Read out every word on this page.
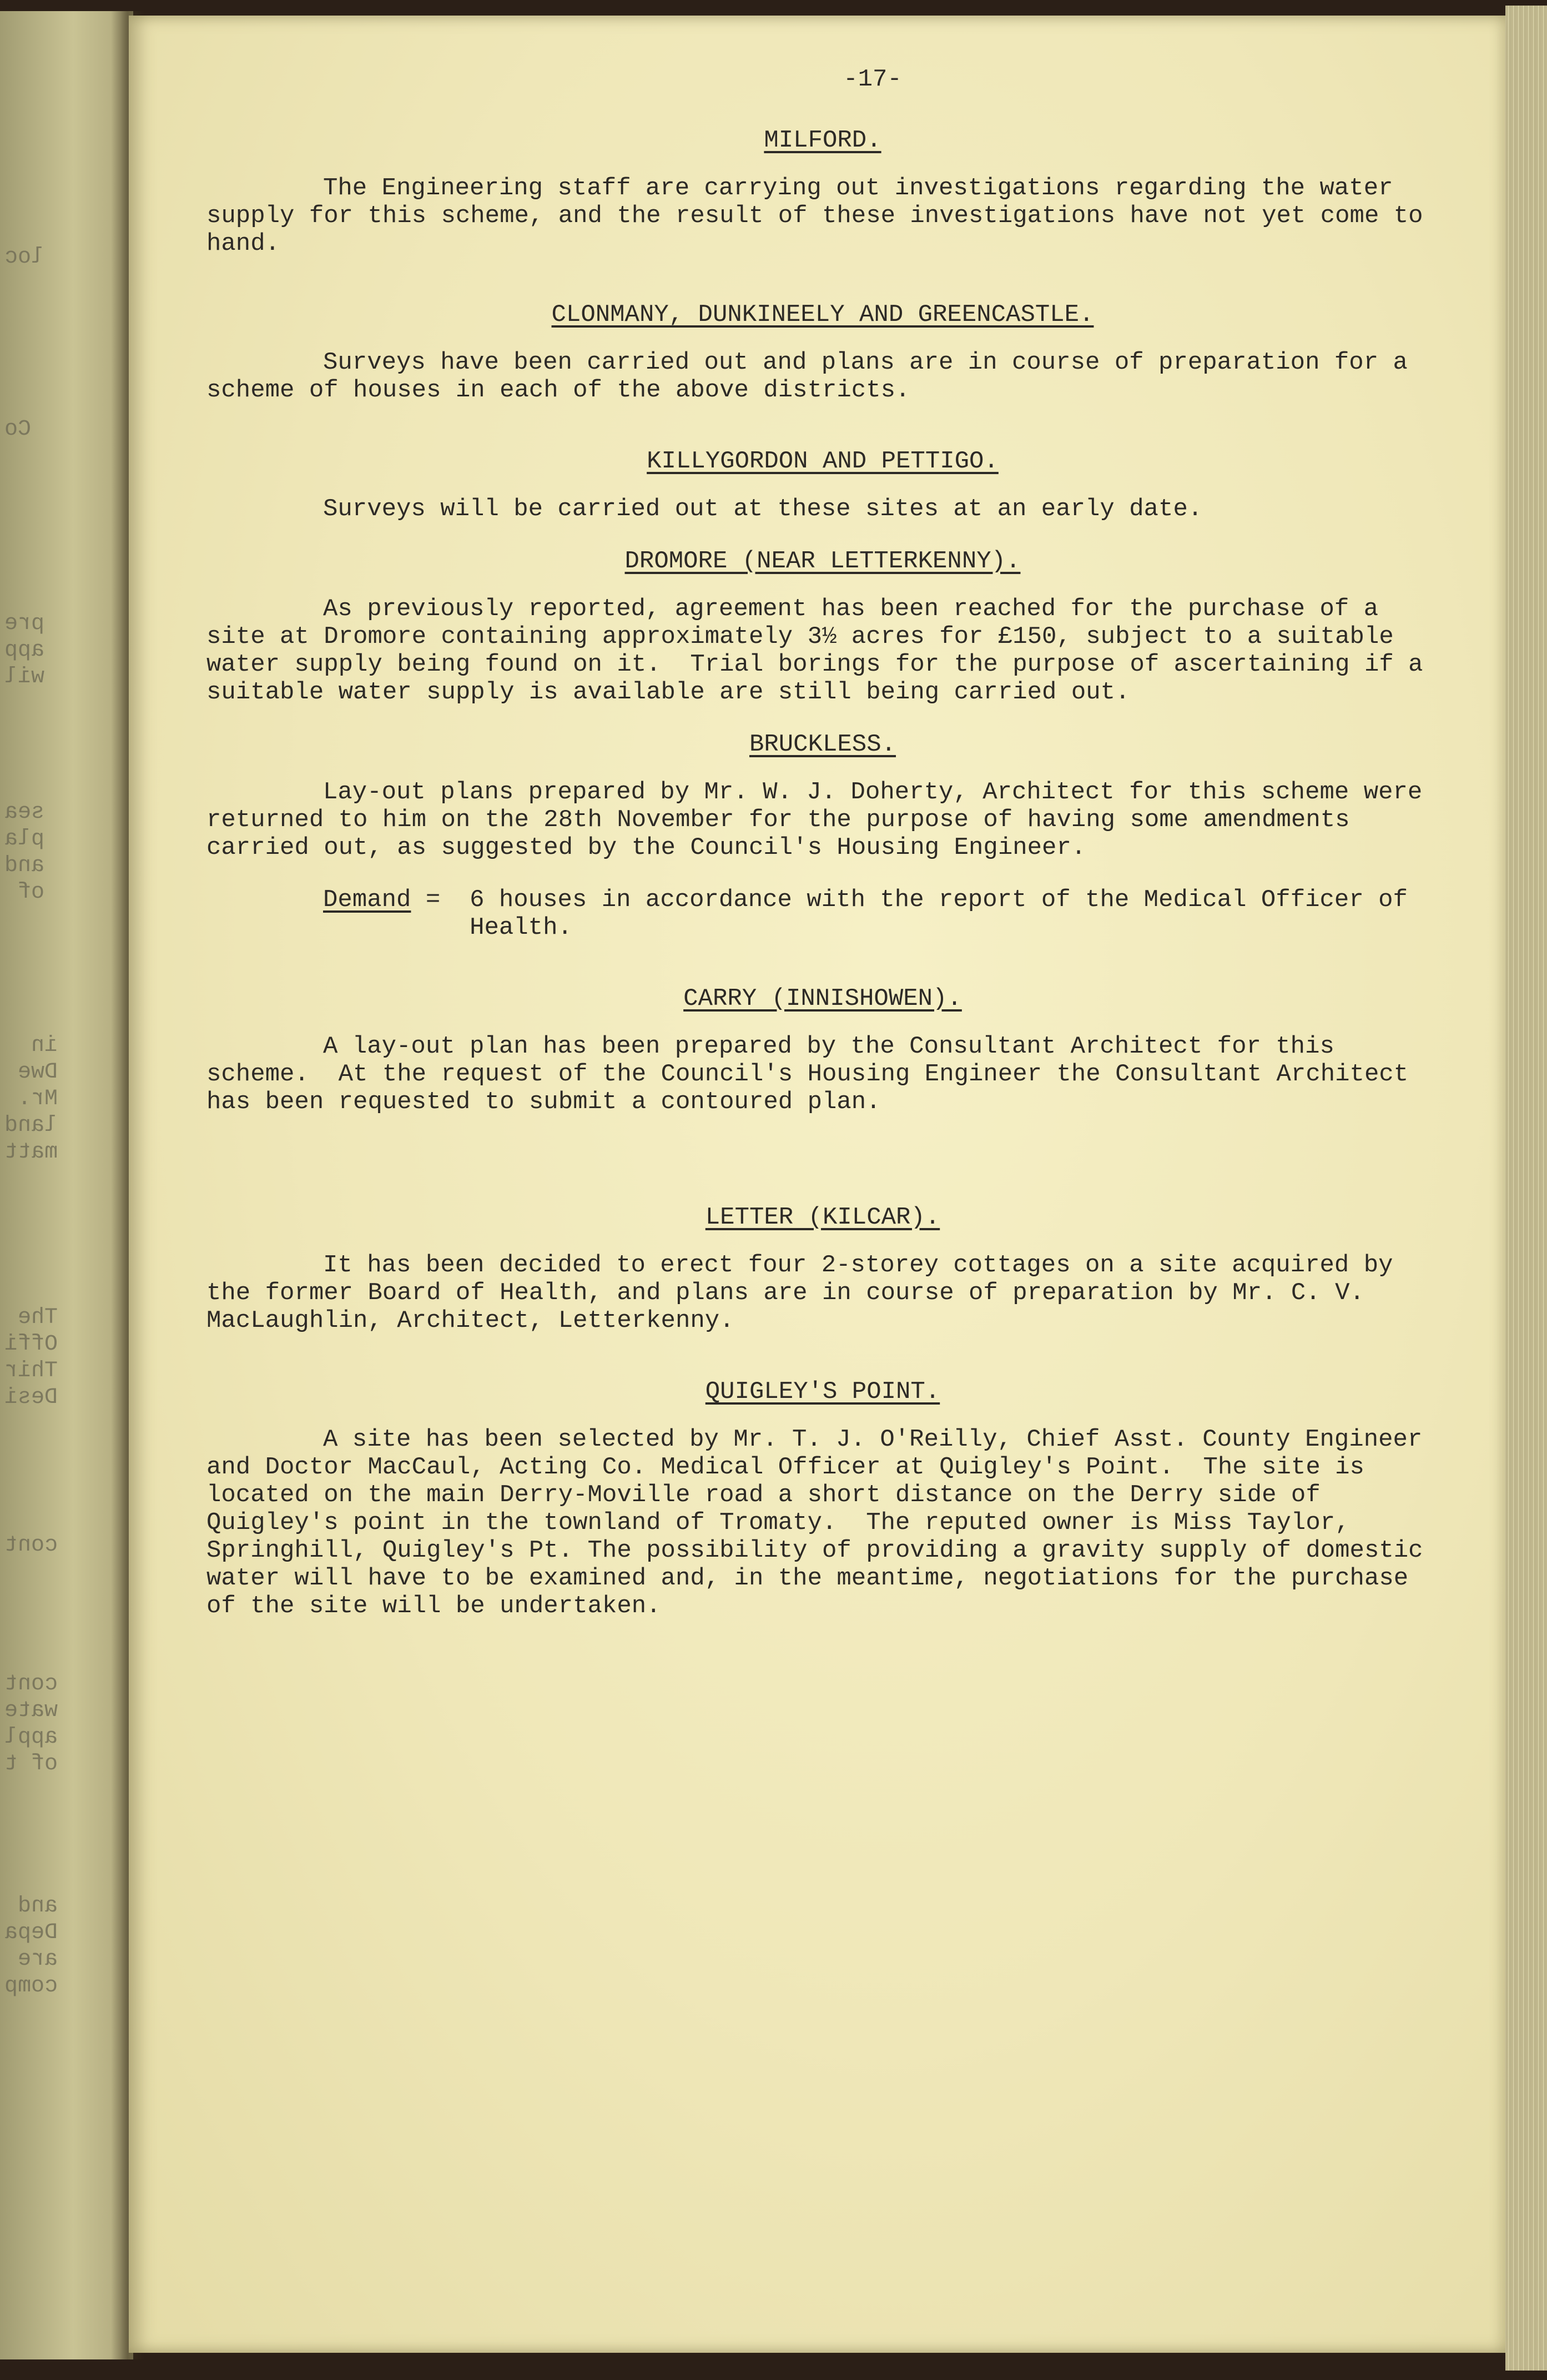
loc
Co
pre
app
wil
sea
pla
and
of
in
Dwe
Mr.
land
matt
The
Offi
Thir
Desi
cont
cont
wate
appl
of t
and
Depa
are
comp
-17-
MILFORD.
The Engineering staff are carrying out investigations regarding the water supply for this scheme, and the result of these investigations have not yet come to hand.
CLONMANY, DUNKINEELY AND GREENCASTLE.
Surveys have been carried out and plans are in course of preparation for a scheme of houses in each of the above districts.
KILLYGORDON AND PETTIGO.
Surveys will be carried out at these sites at an early date.
DROMORE (NEAR LETTERKENNY).
As previously reported, agreement has been reached for the purchase of a site at Dromore containing approximately 3½ acres for £150, subject to a suitable water supply being found on it.  Trial borings for the purpose of ascertaining if a suitable water supply is available are still being carried out.
BRUCKLESS.
Lay-out plans prepared by Mr. W. J. Doherty, Architect for this scheme were returned to him on the 28th November for the purpose of having some amendments carried out, as suggested by the Council's Housing Engineer.
Demand = 6 houses in accordance with the report of the Medical Officer of Health.
CARRY (INNISHOWEN).
A lay-out plan has been prepared by the Consultant Architect for this scheme.  At the request of the Council's Housing Engineer the Consultant Architect has been requested to submit a contoured plan.
LETTER (KILCAR).
It has been decided to erect four 2-storey cottages on a site acquired by the former Board of Health, and plans are in course of preparation by Mr. C. V. MacLaughlin, Architect, Letterkenny.
QUIGLEY'S POINT.
A site has been selected by Mr. T. J. O'Reilly, Chief Asst. County Engineer and Doctor MacCaul, Acting Co. Medical Officer at Quigley's Point.  The site is located on the main Derry-Moville road a short distance on the Derry side of Quigley's point in the townland of Tromaty.  The reputed owner is Miss Taylor, Springhill, Quigley's Pt. The possibility of providing a gravity supply of domestic water will have to be examined and, in the meantime, negotiations for the purchase of the site will be undertaken.
